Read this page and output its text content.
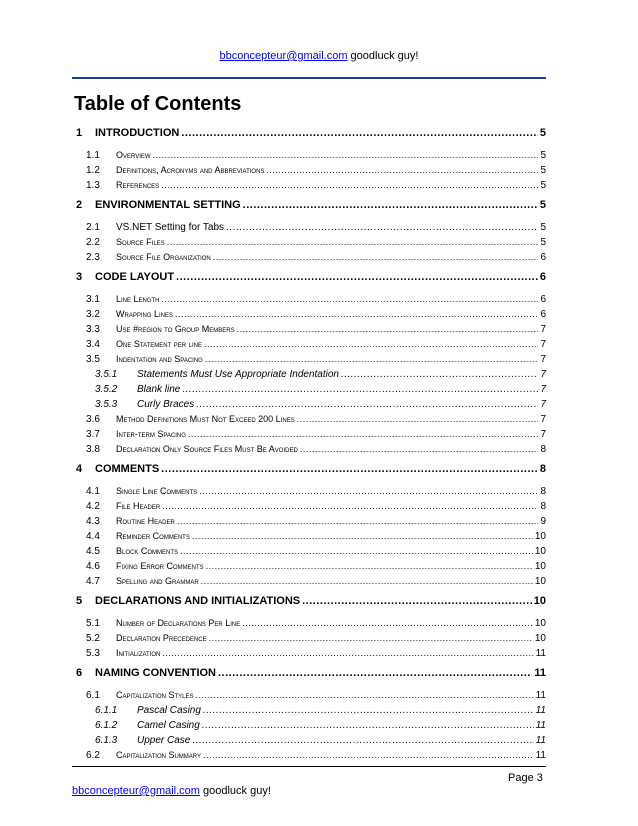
bbconcepteur@gmail.com goodluck guy!
Table of Contents
1	INTRODUCTION .....	5
1.1	Overview .....	5
1.2	Definitions, Acronyms and Abbreviations .....	5
1.3	References .....	5
2	ENVIRONMENTAL SETTING .....	5
2.1	VS.NET Setting for Tabs .....	5
2.2	Source Files .....	5
2.3	Source File Organization .....	6
3	CODE LAYOUT .....	6
3.1	Line Length .....	6
3.2	Wrapping Lines .....	6
3.3	Use #region to Group Members .....	7
3.4	One Statement per line .....	7
3.5	Indentation and Spacing .....	7
3.5.1	Statements Must Use Appropriate Indentation .....	7
3.5.2	Blank line .....	7
3.5.3	Curly Braces .....	7
3.6	Method Definitions Must Not Exceed 200 Lines .....	7
3.7	Inter-term Spacing .....	7
3.8	Declaration Only Source Files Must Be Avoided .....	8
4	COMMENTS .....	8
4.1	Single Line Comments .....	8
4.2	File Header .....	8
4.3	Routine Header .....	9
4.4	Reminder Comments .....	10
4.5	Block Comments .....	10
4.6	Fixing Error Comments .....	10
4.7	Spelling and Grammar .....	10
5	DECLARATIONS AND INITIALIZATIONS .....	10
5.1	Number of Declarations Per Line .....	10
5.2	Declaration Precedence .....	10
5.3	Initialization .....	11
6	NAMING CONVENTION .....	11
6.1	Capitalization Styles .....	11
6.1.1	Pascal Casing .....	11
6.1.2	Camel Casing .....	11
6.1.3	Upper Case .....	11
6.2	Capitalization Summary .....	11
Page 3
bbconcepteur@gmail.com goodluck guy!
